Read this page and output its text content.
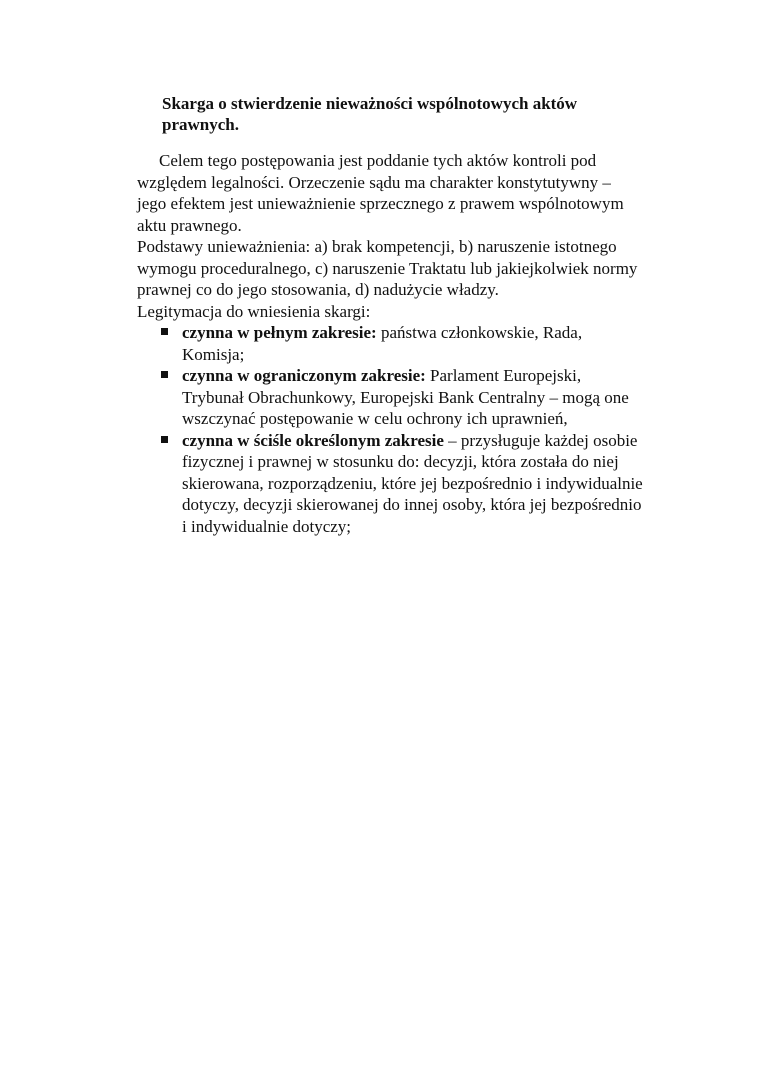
Skarga o stwierdzenie nieważności wspólnotowych aktów
prawnych.

Celem tego postępowania jest poddanie tych aktów kontroli pod
względem legalności. Orzeczenie sądu ma charakter konstytutywny –
jego efektem jest unieważnienie sprzecznego z prawem wspólnotowym
aktu prawnego.

Podstawy unieważnienia: a) brak kompetencji, b) naruszenie istotnego
wymogu proceduralnego, c) naruszenie Traktatu lub jakiejkolwiek normy
prawnej co do jego stosowania, d) nadużycie władzy.

Legitymacja do wniesienia skargi:

czynna w pełnym zakresie: państwa członkowskie, Rada,
Komisja;
czynna w ograniczonym zakresie: Parlament Europejski,
Trybunał Obrachunkowy, Europejski Bank Centralny – mogą one
wszczynać postępowanie w celu ochrony ich uprawnień,
czynna w ściśle określonym zakresie – przysługuje każdej osobie
fizycznej i prawnej w stosunku do: decyzji, która została do niej
skierowana, rozporządzeniu, które jej bezpośrednio i indywidualnie
dotyczy, decyzji skierowanej do innej osoby, która jej bezpośrednio
i indywidualnie dotyczy;
